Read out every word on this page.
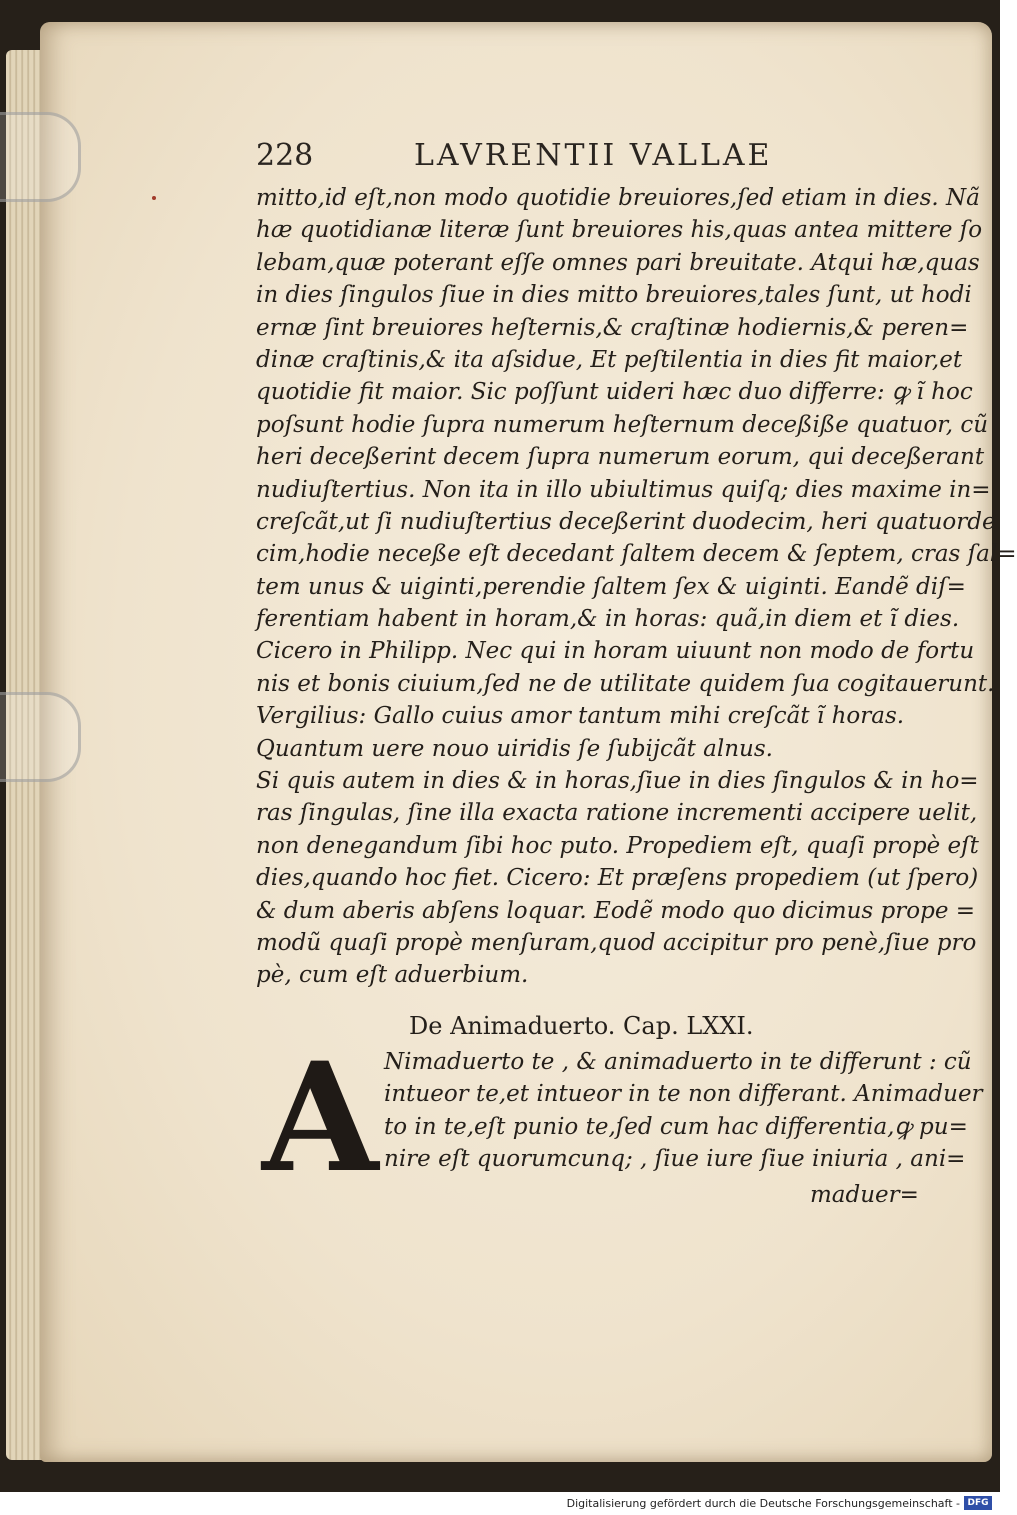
228	LAVRENTII VALLAE
mitto,id eſt,non modo quotidie breuiores,ſed etiam in dies. Nã
hæ quotidianæ literæ ſunt breuiores his,quas antea mittere ſo
lebam,quæ poterant eſſe omnes pari breuitate. Atqui hæ,quas
in dies ſingulos ſiue in dies mitto breuiores,tales ſunt, ut hodi
ernæ ſint breuiores heſternis,& craſtinæ hodiernis,& peren=
dinæ craſtinis,& ita aſsidue, Et peſtilentia in dies fit maior,et
quotidie fit maior. Sic poſſunt uideri hæc duo differre: ꝙ ĩ hoc
poſsunt hodie ſupra numerum heſternum deceßiße quatuor, cũ
heri deceßerint decem ſupra numerum eorum, qui deceßerant
nudiuſtertius. Non ita in illo ubiultimus quiſq; dies maxime in=
creſcãt,ut ſi nudiuſtertius deceßerint duodecim, heri quatuorde
cim,hodie neceße eſt decedant ſaltem decem & ſeptem, cras ſal=
tem unus & uiginti,perendie ſaltem ſex & uiginti. Eandẽ diſ=
ferentiam habent in horam,& in horas: quã,in diem et ĩ dies.
Cicero in Philipp. Nec qui in horam uiuunt non modo de fortu
nis et bonis ciuium,ſed ne de utilitate quidem ſua cogitauerunt.
Vergilius: Gallo cuius amor tantum mihi creſcãt ĩ horas.
Quantum uere nouo uiridis ſe ſubijcãt alnus.
Si quis autem in dies & in horas,ſiue in dies ſingulos & in ho=
ras ſingulas, ſine illa exacta ratione incrementi accipere uelit,
non denegandum ſibi hoc puto. Propediem eſt, quaſi propè eſt
dies,quando hoc fiet. Cicero: Et præſens propediem (ut ſpero)
& dum aberis abſens loquar. Eodẽ modo quo dicimus prope =
modũ quaſi propè menſuram,quod accipitur pro penè,ſiue pro
pè, cum eſt aduerbium.
De Animaduerto. Cap. LXXI.
A Nimaduerto te , & animaduerto in te differunt : cũ
intueor te,et intueor in te non differant. Animaduer
to in te,eſt punio te,ſed cum hac differentia,ꝙ pu=
nire eſt quorumcunq; , ſiue iure ſiue iniuria , ani=
maduer=
Digitalisierung gefördert durch die Deutsche Forschungsgemeinschaft - DFG
